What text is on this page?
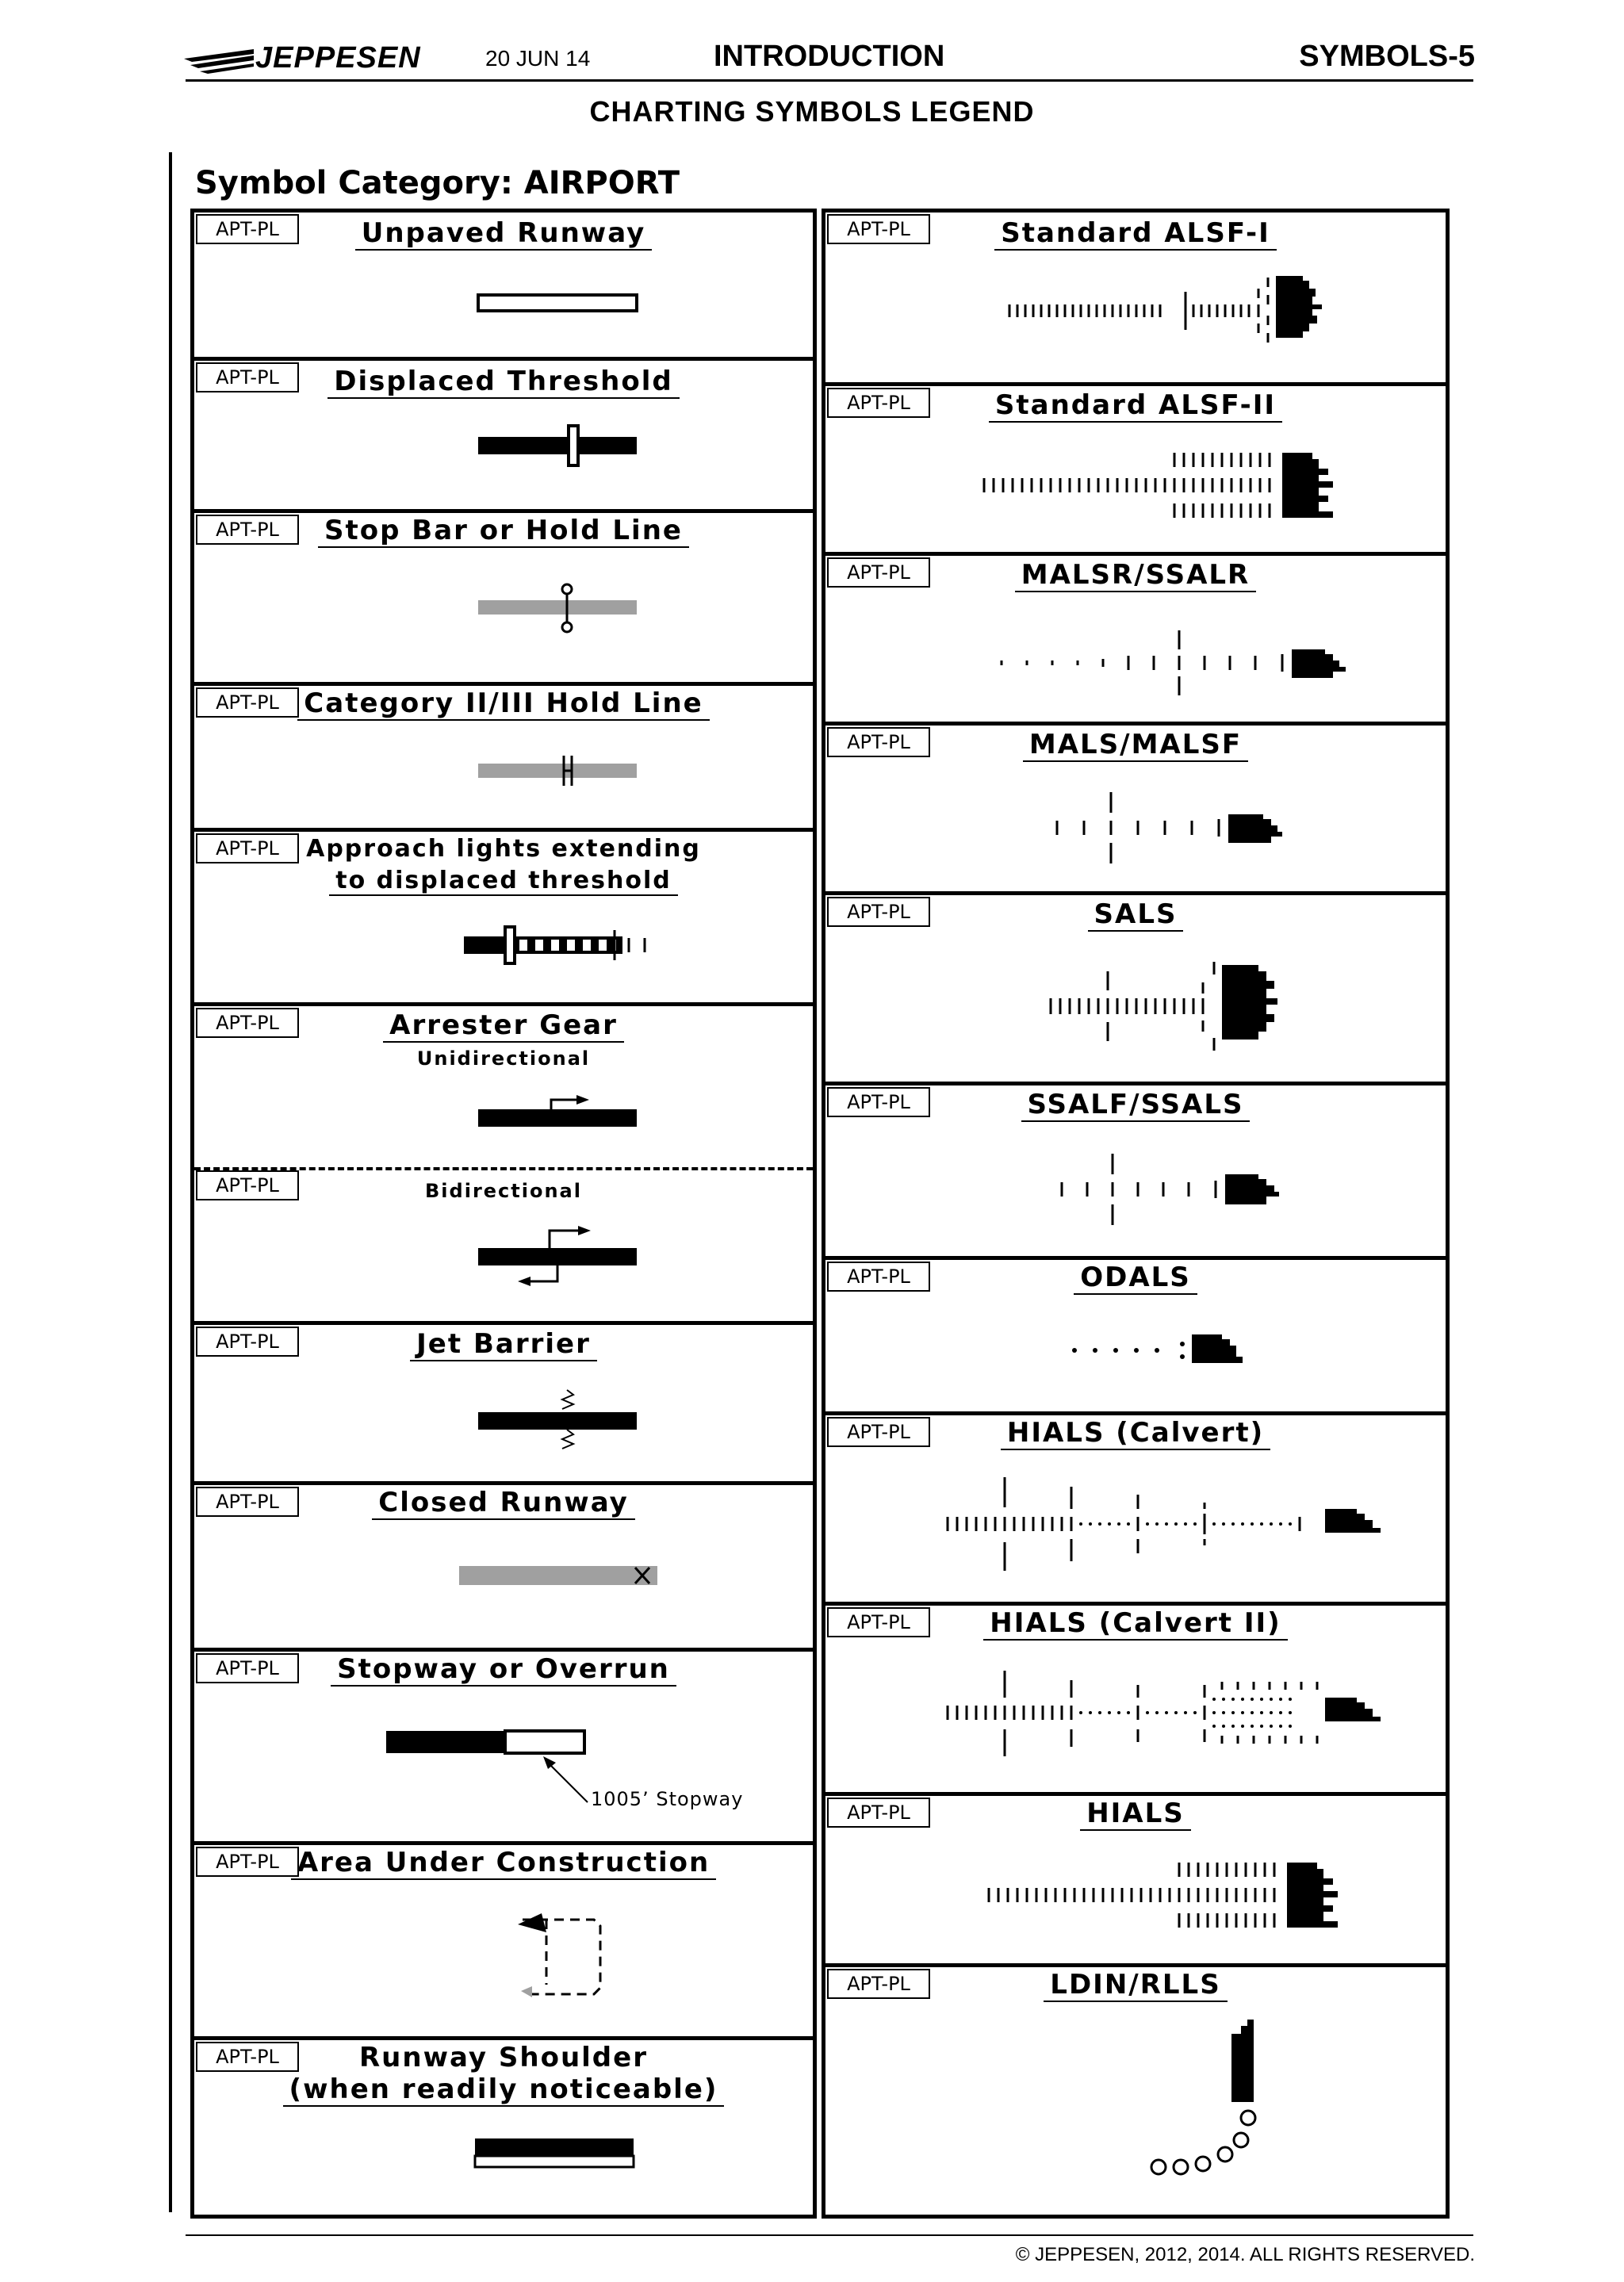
JEPPESEN	20 JUN 14	INTRODUCTION	SYMBOLS-5
CHARTING SYMBOLS LEGEND
Symbol Category: AIRPORT
APT-PL	Unpaved Runway
APT-PL	Displaced Threshold
APT-PL	Stop Bar or Hold Line
APT-PL Category II/III Hold Line
APT-PL	Approach lights extending
to displaced threshold
APT-PL	Arrester Gear
Unidirectional
APT-PL	Bidirectional
APT-PL	Jet Barrier
APT-PL	Closed Runway
APT-PL	Stopway or Overrun
1005’ Stopway
APT-PL Area Under Construction
APT-PL	Runway Shoulder
(when readily noticeable)
APT-PL	Standard ALSF-I
APT-PL	Standard ALSF-II
APT-PL	MALSR/SSALR
APT-PL	MALS/MALSF
APT-PL	SALS
APT-PL	SSALF/SSALS
APT-PL	ODALS
APT-PL	HIALS (Calvert)
APT-PL	HIALS (Calvert II)
APT-PL	HIALS
APT-PL	LDIN/RLLS
© JEPPESEN, 2012, 2014. ALL RIGHTS RESERVED.
